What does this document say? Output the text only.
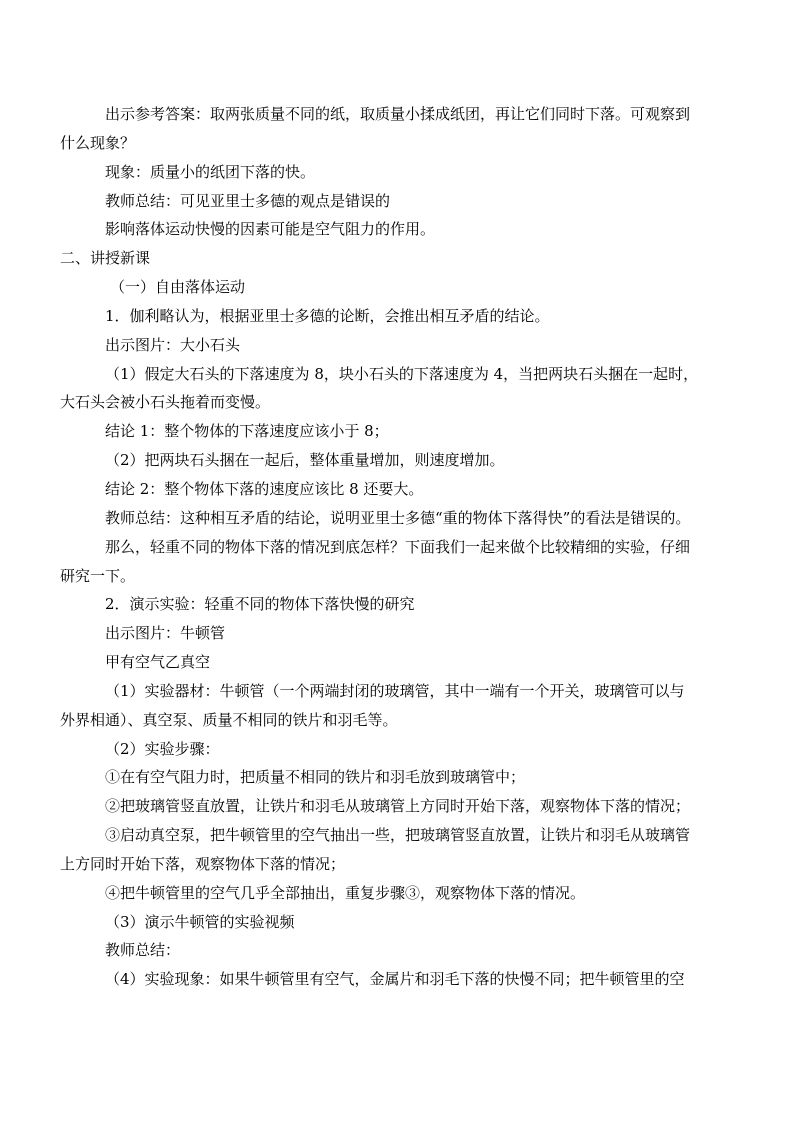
出示参考答案：取两张质量不同的纸，取质量小揉成纸团，再让它们同时下落。可观察到
什么现象？
现象：质量小的纸团下落的快。
教师总结：可见亚里士多德的观点是错误的
影响落体运动快慢的因素可能是空气阻力的作用。
二、讲授新课
（一）自由落体运动
1．伽利略认为，根据亚里士多德的论断，会推出相互矛盾的结论。
出示图片：大小石头
（1）假定大石头的下落速度为 8，块小石头的下落速度为 4，当把两块石头捆在一起时，
大石头会被小石头拖着而变慢。
结论 1：整个物体的下落速度应该小于 8；
（2）把两块石头捆在一起后，整体重量增加，则速度增加。
结论 2：整个物体下落的速度应该比 8 还要大。
教师总结：这种相互矛盾的结论，说明亚里士多德“重的物体下落得快”的看法是错误的。
那么，轻重不同的物体下落的情况到底怎样？下面我们一起来做个比较精细的实验，仔细
研究一下。
2．演示实验：轻重不同的物体下落快慢的研究
出示图片：牛顿管
甲有空气乙真空
（1）实验器材：牛顿管（一个两端封闭的玻璃管，其中一端有一个开关，玻璃管可以与
外界相通）、真空泵、质量不相同的铁片和羽毛等。
（2）实验步骤：
①在有空气阻力时，把质量不相同的铁片和羽毛放到玻璃管中；
②把玻璃管竖直放置，让铁片和羽毛从玻璃管上方同时开始下落，观察物体下落的情况；
③启动真空泵，把牛顿管里的空气抽出一些，把玻璃管竖直放置，让铁片和羽毛从玻璃管
上方同时开始下落，观察物体下落的情况；
④把牛顿管里的空气几乎全部抽出，重复步骤③，观察物体下落的情况。
（3）演示牛顿管的实验视频
教师总结：
（4）实验现象：如果牛顿管里有空气，金属片和羽毛下落的快慢不同；把牛顿管里的空
